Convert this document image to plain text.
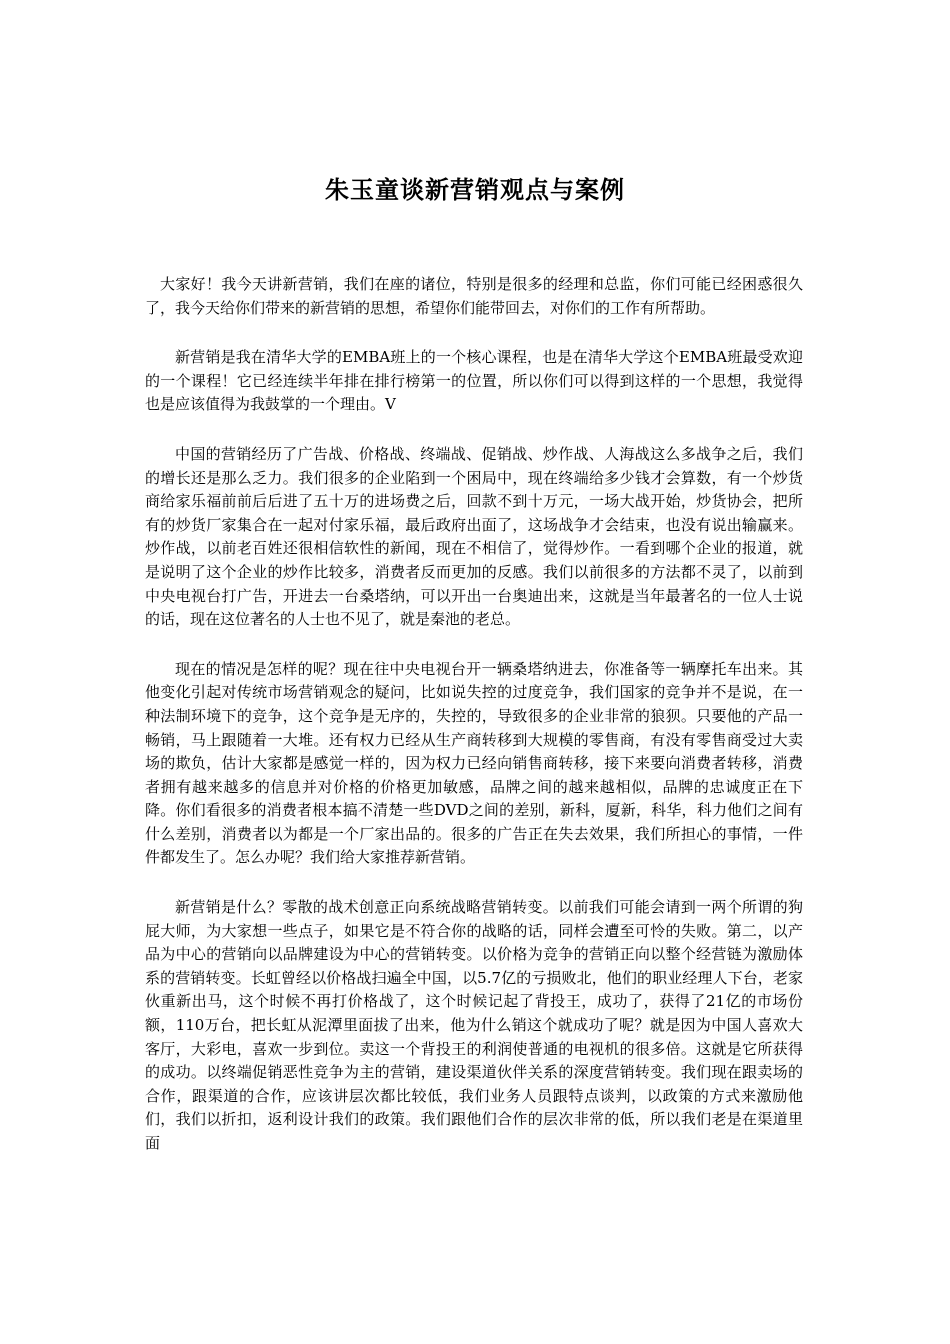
朱玉童谈新营销观点与案例

大家好！我今天讲新营销，我们在座的诸位，特别是很多的经理和总监，你们可能已经困惑很久了，我今天给你们带来的新营销的思想，希望你们能带回去，对你们的工作有所帮助。

新营销是我在清华大学的EMBA班上的一个核心课程，也是在清华大学这个EMBA班最受欢迎的一个课程！它已经连续半年排在排行榜第一的位置，所以你们可以得到这样的一个思想，我觉得也是应该值得为我鼓掌的一个理由。V

中国的营销经历了广告战、价格战、终端战、促销战、炒作战、人海战这么多战争之后，我们的增长还是那么乏力。我们很多的企业陷到一个困局中，现在终端给多少钱才会算数，有一个炒货商给家乐福前前后后进了五十万的进场费之后，回款不到十万元，一场大战开始，炒货协会，把所有的炒货厂家集合在一起对付家乐福，最后政府出面了，这场战争才会结束，也没有说出输赢来。炒作战，以前老百姓还很相信软性的新闻，现在不相信了，觉得炒作。一看到哪个企业的报道，就是说明了这个企业的炒作比较多，消费者反而更加的反感。我们以前很多的方法都不灵了，以前到中央电视台打广告，开进去一台桑塔纳，可以开出一台奥迪出来，这就是当年最著名的一位人士说的话，现在这位著名的人士也不见了，就是秦池的老总。

现在的情况是怎样的呢？现在往中央电视台开一辆桑塔纳进去，你准备等一辆摩托车出来。其他变化引起对传统市场营销观念的疑问，比如说失控的过度竞争，我们国家的竞争并不是说，在一种法制环境下的竞争，这个竞争是无序的，失控的，导致很多的企业非常的狼狈。只要他的产品一畅销，马上跟随着一大堆。还有权力已经从生产商转移到大规模的零售商，有没有零售商受过大卖场的欺负，估计大家都是感觉一样的，因为权力已经向销售商转移，接下来要向消费者转移，消费者拥有越来越多的信息并对价格的价格更加敏感，品牌之间的越来越相似，品牌的忠诚度正在下降。你们看很多的消费者根本搞不清楚一些DVD之间的差别，新科，厦新，科华，科力他们之间有什么差别，消费者以为都是一个厂家出品的。很多的广告正在失去效果，我们所担心的事情，一件件都发生了。怎么办呢？我们给大家推荐新营销。

新营销是什么？零散的战术创意正向系统战略营销转变。以前我们可能会请到一两个所谓的狗屁大师，为大家想一些点子，如果它是不符合你的战略的话，同样会遭至可怜的失败。第二，以产品为中心的营销向以品牌建设为中心的营销转变。以价格为竞争的营销正向以整个经营链为激励体系的营销转变。长虹曾经以价格战扫遍全中国，以5.7亿的亏损败北，他们的职业经理人下台，老家伙重新出马，这个时候不再打价格战了，这个时候记起了背投王，成功了，获得了21亿的市场份额，110万台，把长虹从泥潭里面拔了出来，他为什么销这个就成功了呢？就是因为中国人喜欢大客厅，大彩电，喜欢一步到位。卖这一个背投王的利润使普通的电视机的很多倍。这就是它所获得的成功。以终端促销恶性竞争为主的营销，建设渠道伙伴关系的深度营销转变。我们现在跟卖场的合作，跟渠道的合作，应该讲层次都比较低，我们业务人员跟特点谈判，以政策的方式来激励他们，我们以折扣，返利设计我们的政策。我们跟他们合作的层次非常的低，所以我们老是在渠道里面
